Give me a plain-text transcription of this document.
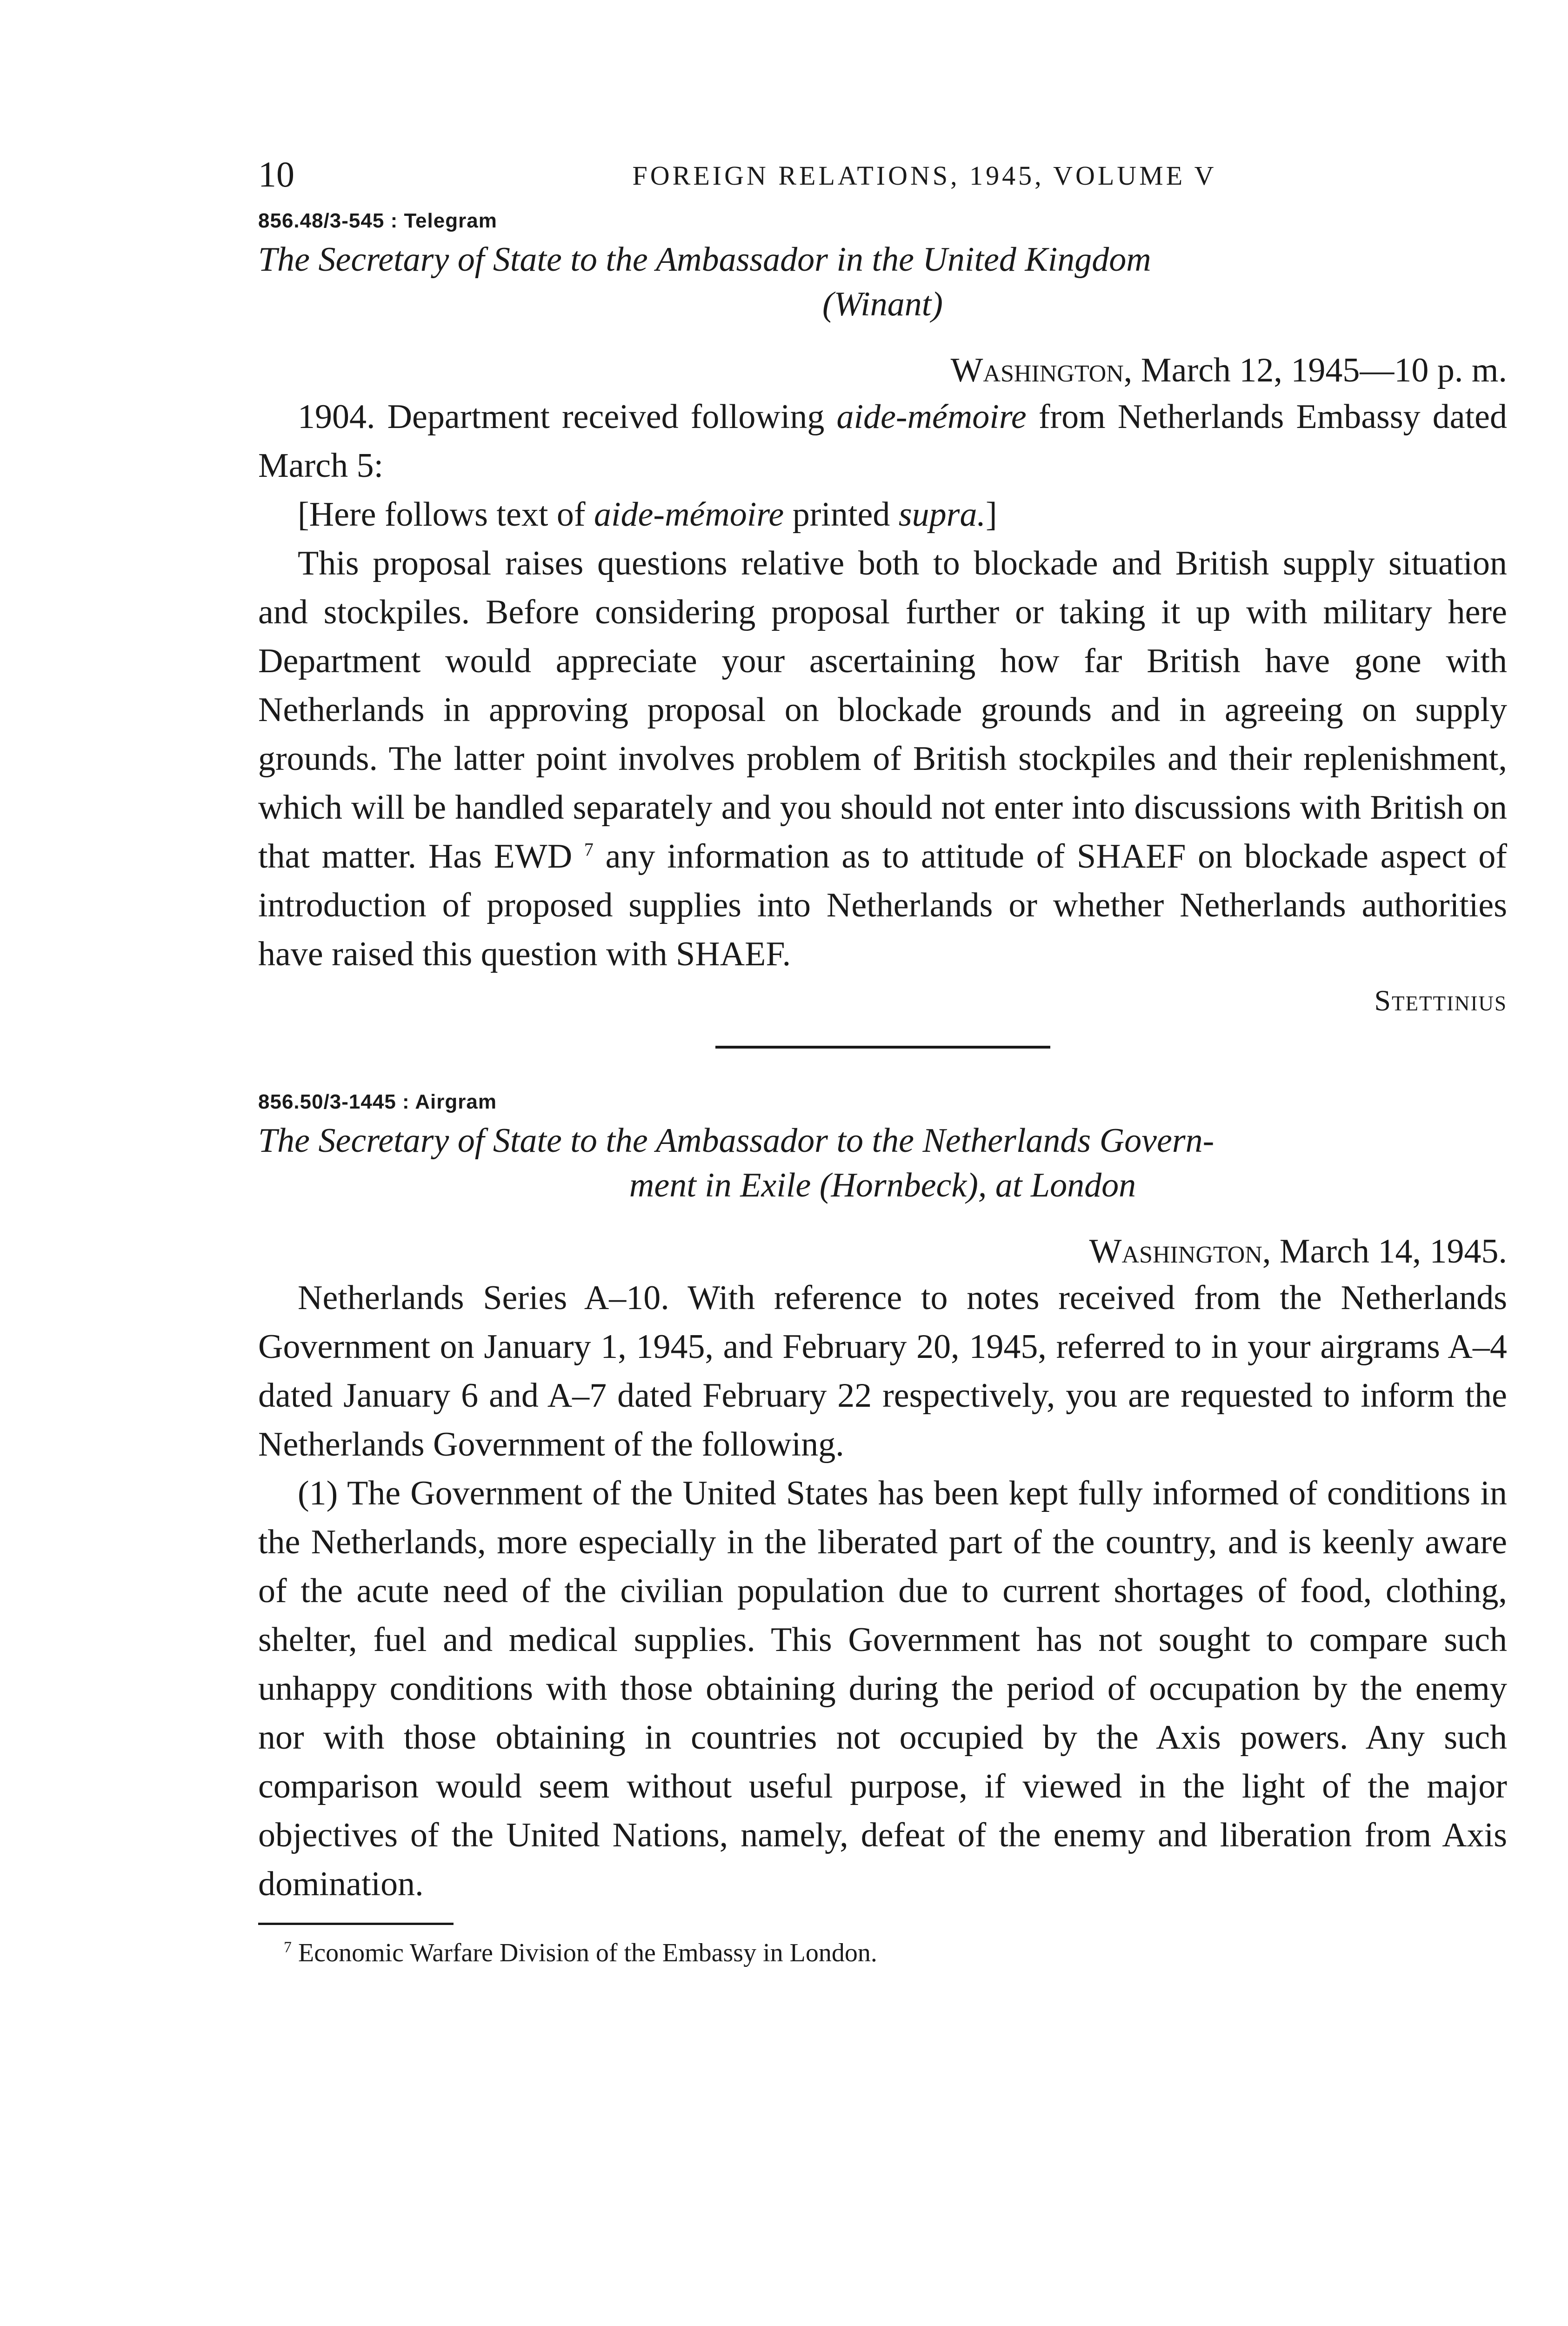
10	FOREIGN RELATIONS, 1945, VOLUME V
856.48/3-545 : Telegram
The Secretary of State to the Ambassador in the United Kingdom
(Winant)
Washington, March 12, 1945—10 p. m.

1904. Department received following aide-mémoire from Netherlands Embassy dated March 5:

[Here follows text of aide-mémoire printed supra.]

This proposal raises questions relative both to blockade and British supply situation and stockpiles. Before considering proposal further or taking it up with military here Department would appreciate your ascertaining how far British have gone with Netherlands in approving proposal on blockade grounds and in agreeing on supply grounds. The latter point involves problem of British stockpiles and their replenishment, which will be handled separately and you should not enter into discussions with British on that matter. Has EWD $^7$ any information as to attitude of SHAEF on blockade aspect of introduction of proposed supplies into Netherlands or whether Netherlands authorities have raised this question with SHAEF.

Stettinius
856.50/3-1445 : Airgram
The Secretary of State to the Ambassador to the Netherlands Govern-
ment in Exile (Hornbeck), at London
Washington, March 14, 1945.

Netherlands Series A–10. With reference to notes received from the Netherlands Government on January 1, 1945, and February 20, 1945, referred to in your airgrams A–4 dated January 6 and A–7 dated February 22 respectively, you are requested to inform the Netherlands Government of the following.

(1) The Government of the United States has been kept fully informed of conditions in the Netherlands, more especially in the liberated part of the country, and is keenly aware of the acute need of the civilian population due to current shortages of food, clothing, shelter, fuel and medical supplies. This Government has not sought to compare such unhappy conditions with those obtaining during the period of occupation by the enemy nor with those obtaining in countries not occupied by the Axis powers. Any such comparison would seem without useful purpose, if viewed in the light of the major objectives of the United Nations, namely, defeat of the enemy and liberation from Axis domination.

$^7$ Economic Warfare Division of the Embassy in London.
